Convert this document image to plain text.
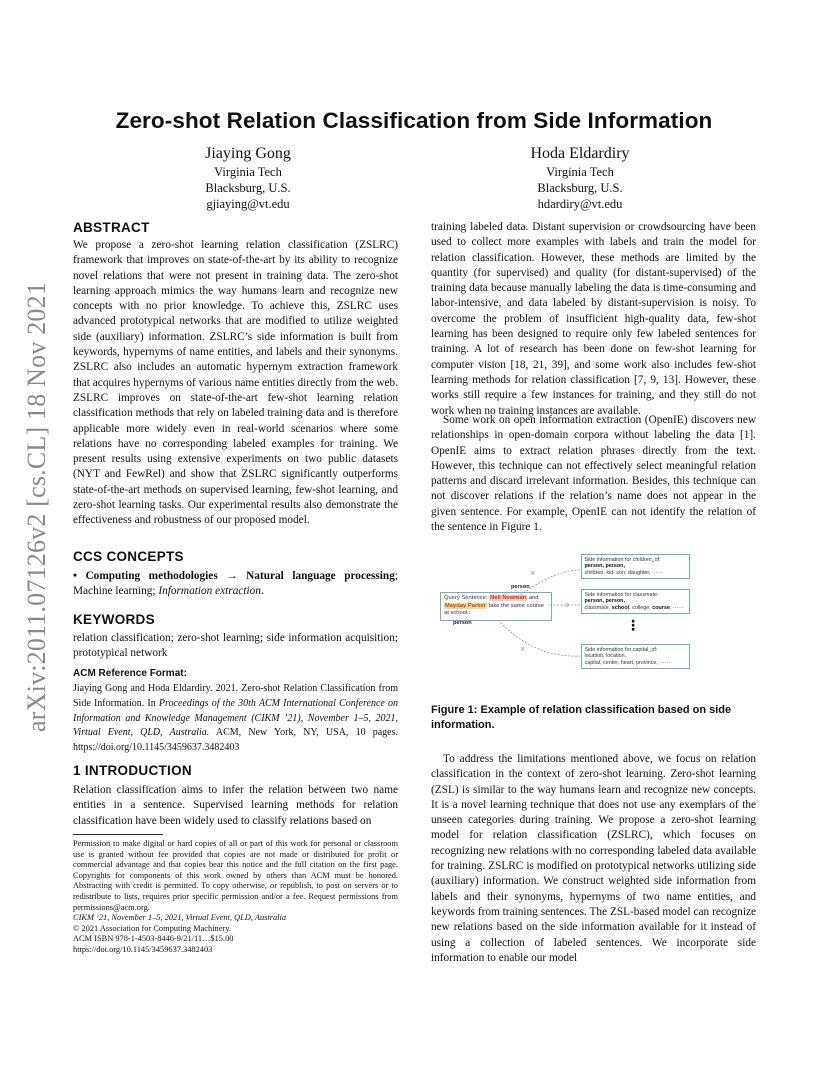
arXiv:2011.07126v2 [cs.CL] 18 Nov 2021
Zero-shot Relation Classification from Side Information
Jiaying Gong
Virginia Tech
Blacksburg, U.S.
gjiaying@vt.edu
Hoda Eldardiry
Virginia Tech
Blacksburg, U.S.
hdardiry@vt.edu
ABSTRACT
We propose a zero-shot learning relation classification (ZSLRC) framework that improves on state-of-the-art by its ability to recognize novel relations that were not present in training data. The zero-shot learning approach mimics the way humans learn and recognize new concepts with no prior knowledge. To achieve this, ZSLRC uses advanced prototypical networks that are modified to utilize weighted side (auxiliary) information. ZSLRC’s side information is built from keywords, hypernyms of name entities, and labels and their synonyms. ZSLRC also includes an automatic hypernym extraction framework that acquires hypernyms of various name entities directly from the web. ZSLRC improves on state-of-the-art few-shot learning relation classification methods that rely on labeled training data and is therefore applicable more widely even in real-world scenarios where some relations have no corresponding labeled examples for training. We present results using extensive experiments on two public datasets (NYT and FewRel) and show that ZSLRC significantly outperforms state-of-the-art methods on supervised learning, few-shot learning, and zero-shot learning tasks. Our experimental results also demonstrate the effectiveness and robustness of our proposed model.
CCS CONCEPTS
• Computing methodologies → Natural language processing; Machine learning; Information extraction.
KEYWORDS
relation classification; zero-shot learning; side information acquisition; prototypical network
ACM Reference Format:
Jiaying Gong and Hoda Eldardiry. 2021. Zero-shot Relation Classification from Side Information. In Proceedings of the 30th ACM International Conference on Information and Knowledge Management (CIKM ’21), November 1–5, 2021, Virtual Event, QLD, Australia. ACM, New York, NY, USA, 10 pages. https://doi.org/10.1145/3459637.3482403
1 INTRODUCTION
Relation classification aims to infer the relation between two name entities in a sentence. Supervised learning methods for relation classification have been widely used to classify relations based on
Permission to make digital or hard copies of all or part of this work for personal or classroom use is granted without fee provided that copies are not made or distributed for profit or commercial advantage and that copies bear this notice and the full citation on the first page. Copyrights for components of this work owned by others than ACM must be honored. Abstracting with credit is permitted. To copy otherwise, or republish, to post on servers or to redistribute to lists, requires prior specific permission and/or a fee. Request permissions from permissions@acm.org.
CIKM ’21, November 1–5, 2021, Virtual Event, QLD, Australia
© 2021 Association for Computing Machinery.
ACM ISBN 978-1-4503-8446-9/21/11…$15.00
https://doi.org/10.1145/3459637.3482403
training labeled data. Distant supervision or crowdsourcing have been used to collect more examples with labels and train the model for relation classification. However, these methods are limited by the quantity (for supervised) and quality (for distant-supervised) of the training data because manually labeling the data is time-consuming and labor-intensive, and data labeled by distant-supervision is noisy. To overcome the problem of insufficient high-quality data, few-shot learning has been designed to require only few labeled sentences for training. A lot of research has been done on few-shot learning for computer vision [18, 21, 39], and some work also includes few-shot learning methods for relation classification [7, 9, 13]. However, these works still require a few instances for training, and they still do not work when no training instances are available.
Some work on open information extraction (OpenIE) discovers new relationships in open-domain corpora without labeling the data [1]. OpenIE aims to extract relation phrases directly from the text. However, this technique can not effectively select meaningful relation patterns and discard irrelevant information. Besides, this technique can not discover relations if the relation’s name does not appear in the given sentence. For example, OpenIE can not identify the relation of the sentence in Figure 1.
×
×
person
person
Query Sentence: Nell Newman and Mayday Parker take the same course at school .
Side information for children_of:
person, person,
children, kid, son, daughter, ······
Side information for classmate:
person, person,
classmate, school, college, course, ······
⋮
Side information for capital_of:
location, location,
capital, center, heart, province, ······
Figure 1: Example of relation classification based on side information.
To address the limitations mentioned above, we focus on relation classification in the context of zero-shot learning. Zero-shot learning (ZSL) is similar to the way humans learn and recognize new concepts. It is a novel learning technique that does not use any exemplars of the unseen categories during training. We propose a zero-shot learning model for relation classification (ZSLRC), which focuses on recognizing new relations with no corresponding labeled data available for training. ZSLRC is modified on prototypical networks utilizing side (auxiliary) information. We construct weighted side information from labels and their synonyms, hypernyms of two name entities, and keywords from training sentences. The ZSL-based model can recognize new relations based on the side information available for it instead of using a collection of labeled sentences. We incorporate side information to enable our model
